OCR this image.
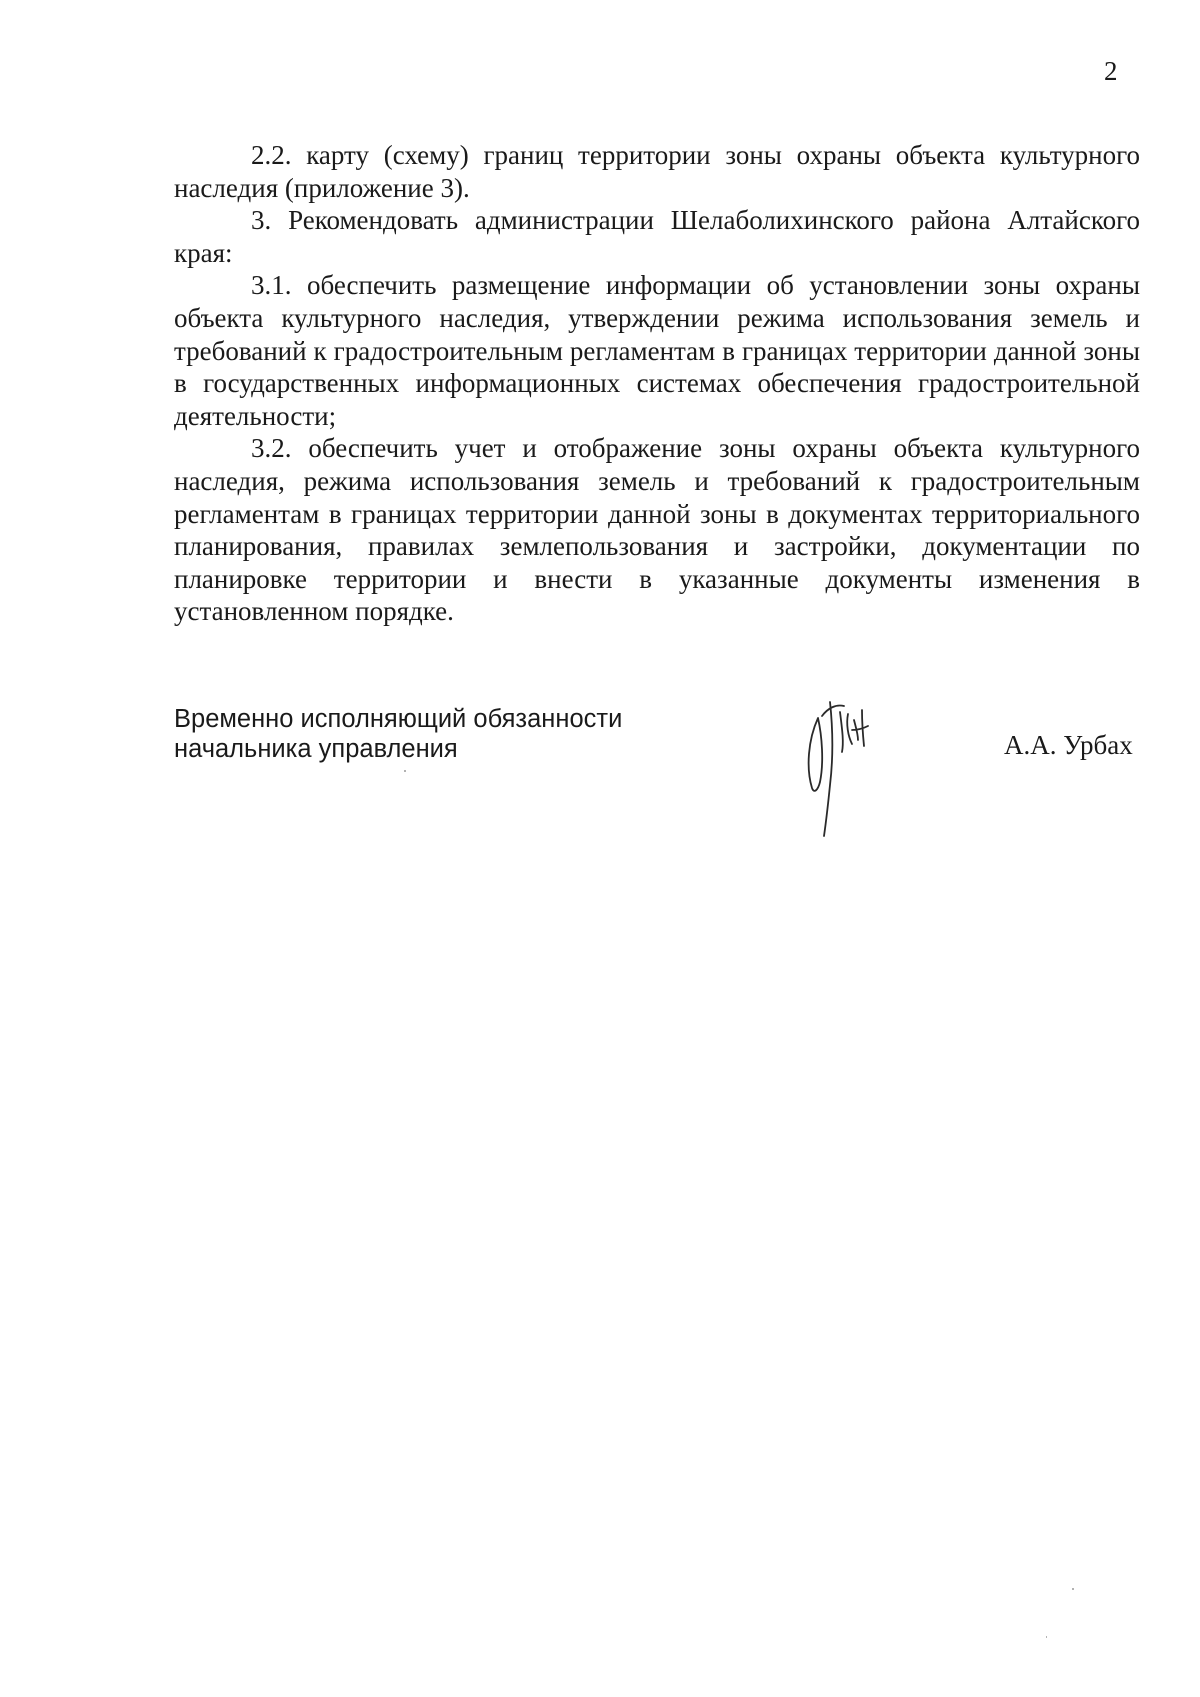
2

2.2. карту (схему) границ территории зоны охраны объекта культурного наследия (приложение 3).

3. Рекомендовать администрации Шелаболихинского района Алтайского края:

3.1. обеспечить размещение информации об установлении зоны охраны объекта культурного наследия, утверждении режима использования земель и требований к градостроительным регламентам в границах территории данной зоны в государственных информационных системах обеспечения градостроительной деятельности;

3.2. обеспечить учет и отображение зоны охраны объекта культурного наследия, режима использования земель и требований к градостроительным регламентам в границах территории данной зоны в документах территориального планирования, правилах землепользования и застройки, документации по планировке территории и внести в указанные документы изменения в установленном порядке.

Временно исполняющий обязанности
начальника управления	А.А. Урбах
